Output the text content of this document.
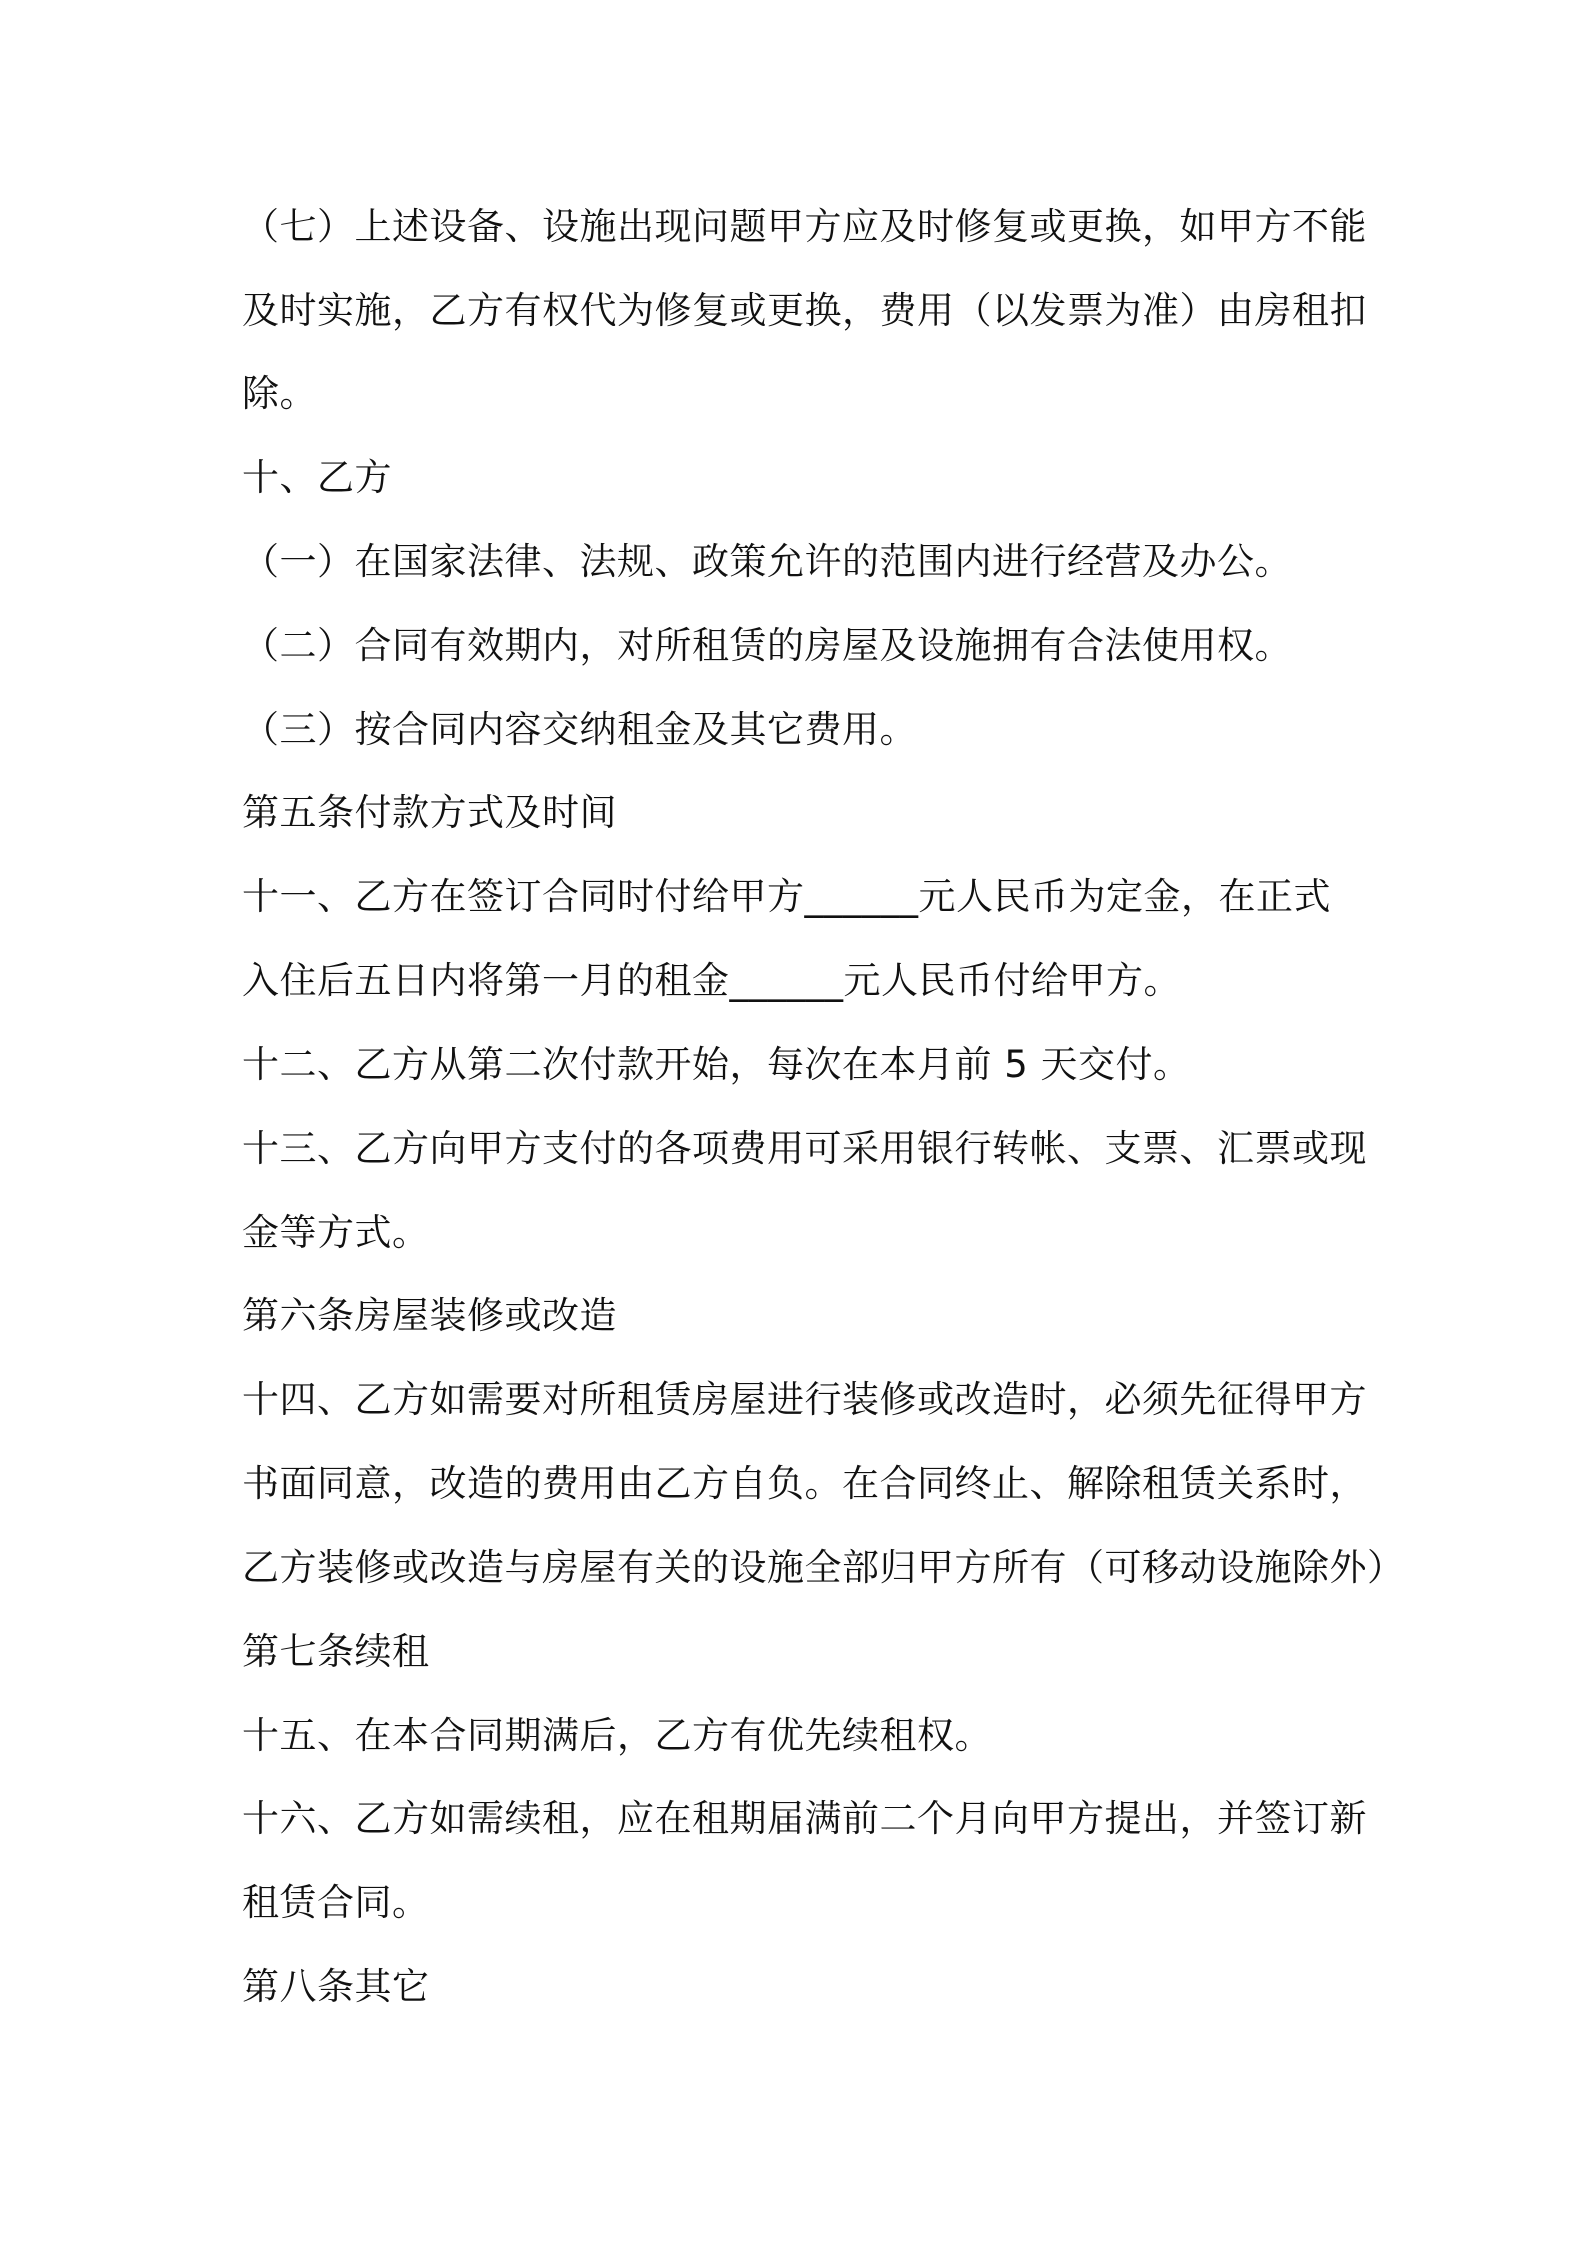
（七）上述设备、设施出现问题甲方应及时修复或更换，如甲方不能
及时实施，乙方有权代为修复或更换，费用（以发票为准）由房租扣
除。
十、乙方
（一）在国家法律、法规、政策允许的范围内进行经营及办公。
（二）合同有效期内，对所租赁的房屋及设施拥有合法使用权。
（三）按合同内容交纳租金及其它费用。
第五条付款方式及时间
十一、乙方在签订合同时付给甲方______元人民币为定金，在正式
入住后五日内将第一月的租金______元人民币付给甲方。
十二、乙方从第二次付款开始，每次在本月前 5 天交付。
十三、乙方向甲方支付的各项费用可采用银行转帐、支票、汇票或现
金等方式。
第六条房屋装修或改造
十四、乙方如需要对所租赁房屋进行装修或改造时，必须先征得甲方
书面同意，改造的费用由乙方自负。在合同终止、解除租赁关系时，
乙方装修或改造与房屋有关的设施全部归甲方所有（可移动设施除外）
第七条续租
十五、在本合同期满后，乙方有优先续租权。
十六、乙方如需续租，应在租期届满前二个月向甲方提出，并签订新
租赁合同。
第八条其它
